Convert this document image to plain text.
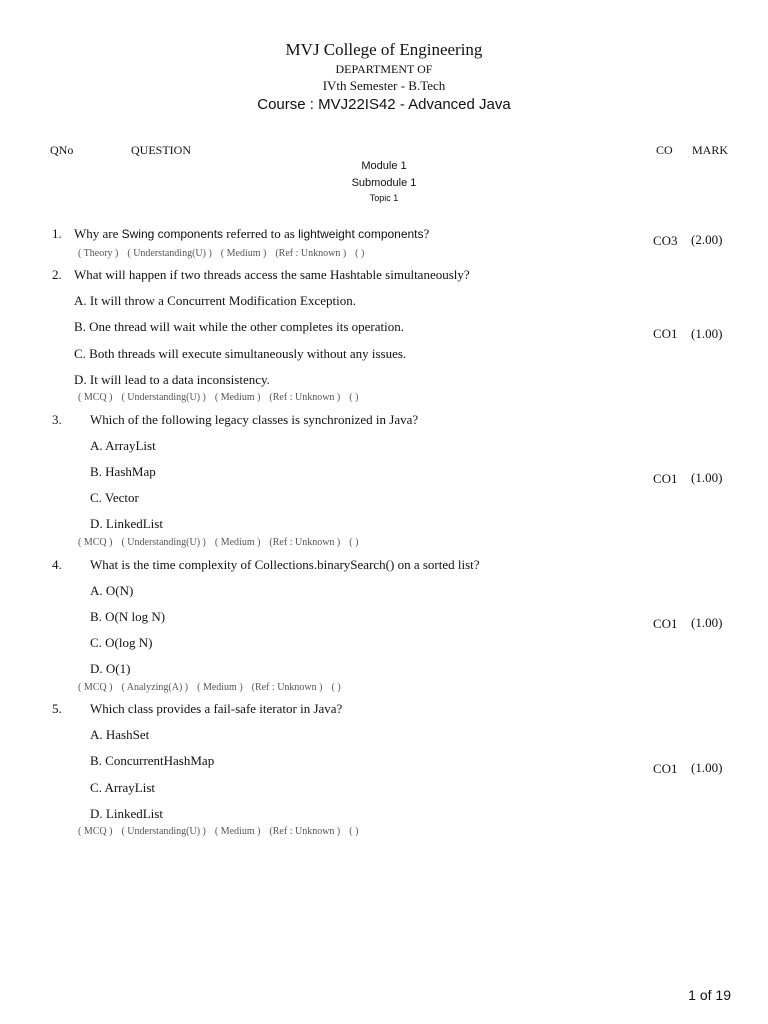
MVJ College of Engineering
DEPARTMENT OF
IVth Semester - B.Tech
Course : MVJ22IS42 - Advanced Java
QNo	QUESTION	CO MARK
Module 1
Submodule 1
Topic 1
1. Why are Swing components referred to as lightweight components?
( Theory ) ( Understanding(U) ) ( Medium ) (Ref : Unknown ) ( )
CO3 (2.00)
2. What will happen if two threads access the same Hashtable simultaneously?
A. It will throw a Concurrent Modification Exception.
B. One thread will wait while the other completes its operation.
C. Both threads will execute simultaneously without any issues.
D. It will lead to a data inconsistency.
( MCQ ) ( Understanding(U) ) ( Medium ) (Ref : Unknown ) ( )
CO1 (1.00)
3. Which of the following legacy classes is synchronized in Java?
A. ArrayList
B. HashMap
C. Vector
D. LinkedList
( MCQ ) ( Understanding(U) ) ( Medium ) (Ref : Unknown ) ( )
CO1 (1.00)
4. What is the time complexity of Collections.binarySearch() on a sorted list?
A. O(N)
B. O(N log N)
C. O(log N)
D. O(1)
( MCQ ) ( Analyzing(A) ) ( Medium ) (Ref : Unknown ) ( )
CO1 (1.00)
5. Which class provides a fail-safe iterator in Java?
A. HashSet
B. ConcurrentHashMap
C. ArrayList
D. LinkedList
( MCQ ) ( Understanding(U) ) ( Medium ) (Ref : Unknown ) ( )
CO1 (1.00)
1 of 19
